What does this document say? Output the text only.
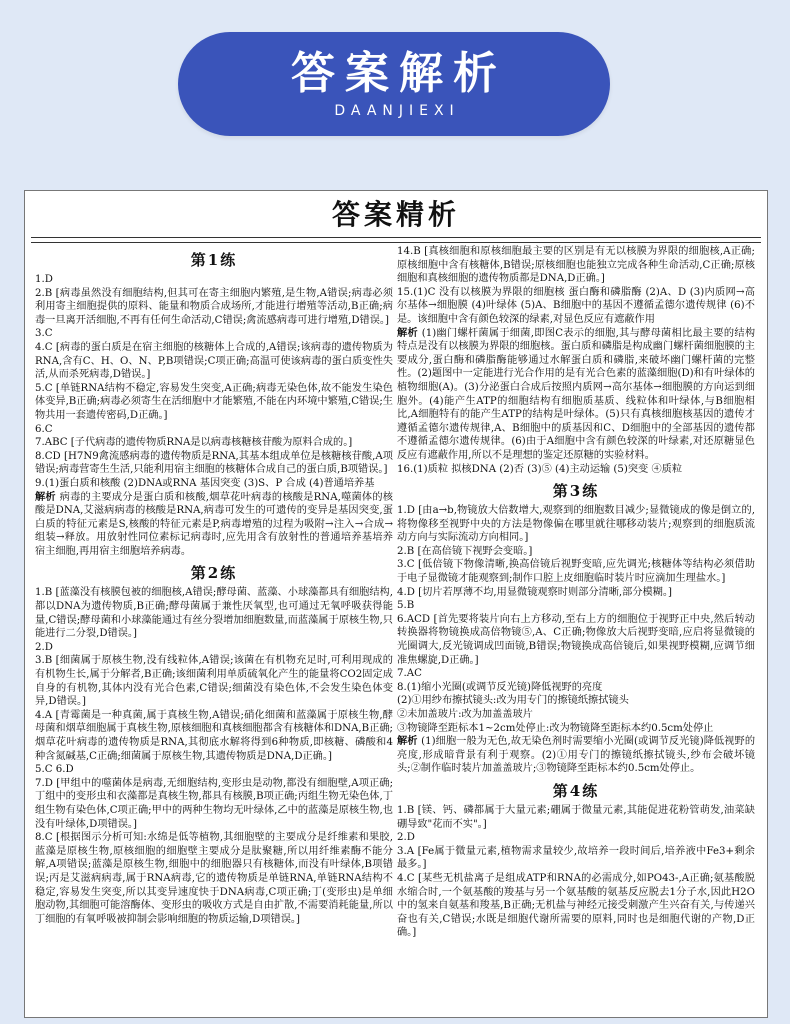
答案解析
DAANJIEXI
答案精析
第1练

1.D

2.B [病毒虽然没有细胞结构,但其可在寄主细胞内繁殖,是生物,A错误;病毒必须利用寄主细胞提供的原料、能量和物质合成场所,才能进行增殖等活动,B正确;病毒一旦离开活细胞,不再有任何生命活动,C错误;禽流感病毒可进行增殖,D错误。]

3.C

4.C [病毒的蛋白质是在宿主细胞的核糖体上合成的,A错误;该病毒的遗传物质为RNA,含有C、H、O、N、P,B项错误;C项正确;高温可使该病毒的蛋白质变性失活,从而杀死病毒,D错误。]

5.C [单链RNA结构不稳定,容易发生突变,A正确;病毒无染色体,故不能发生染色体变异,B正确;病毒必须寄生在活细胞中才能繁殖,不能在内环境中繁殖,C错误;生物共用一套遗传密码,D正确。]

6.C

7.ABC [子代病毒的遗传物质RNA是以病毒核糖核苷酸为原料合成的。]

8.CD [H7N9禽流感病毒的遗传物质是RNA,其基本组成单位是核糖核苷酸,A项错误;病毒营寄生生活,只能利用宿主细胞的核糖体合成自己的蛋白质,B项错误。]

9.(1)蛋白质和核酸 (2)DNA或RNA 基因突变 (3)S、P 合成 (4)普通培养基

解析 病毒的主要成分是蛋白质和核酸,烟草花叶病毒的核酸是RNA,噬菌体的核酸是DNA,艾滋病病毒的核酸是RNA,病毒可发生的可遗传的变异是基因突变,蛋白质的特征元素是S,核酸的特征元素是P,病毒增殖的过程为吸附→注入→合成→组装→释放。用放射性同位素标记病毒时,应先用含有放射性的普通培养基培养宿主细胞,再用宿主细胞培养病毒。

第2练

1.B [蓝藻没有核膜包被的细胞核,A错误;酵母菌、蓝藻、小球藻都具有细胞结构,都以DNA为遗传物质,B正确;酵母菌属于兼性厌氧型,也可通过无氧呼吸获得能量,C错误;酵母菌和小球藻能通过有丝分裂增加细胞数量,而蓝藻属于原核生物,只能进行二分裂,D错误。]

2.D

3.B [细菌属于原核生物,没有线粒体,A错误;该菌在有机物充足时,可利用现成的有机物生长,属于分解者,B正确;该细菌利用单质硫氧化产生的能量将CO2固定成自身的有机物,其体内没有光合色素,C错误;细菌没有染色体,不会发生染色体变异,D错误。]

4.A [青霉菌是一种真菌,属于真核生物,A错误;硝化细菌和蓝藻属于原核生物,酵母菌和烟草细胞属于真核生物,原核细胞和真核细胞都含有核糖体和DNA,B正确;烟草花叶病毒的遗传物质是RNA,其彻底水解将得到6种物质,即核糖、磷酸和4种含氮碱基,C正确;细菌属于原核生物,其遗传物质是DNA,D正确。]

5.C 6.D

7.D [甲组中的噬菌体是病毒,无细胞结构,变形虫是动物,都没有细胞壁,A项正确;丁组中的变形虫和衣藻都是真核生物,都具有核膜,B项正确;丙组生物无染色体,丁组生物有染色体,C项正确;甲中的两种生物均无叶绿体,乙中的蓝藻是原核生物,也没有叶绿体,D项错误。]

8.C [根据图示分析可知:水绵是低等植物,其细胞壁的主要成分是纤维素和果胶,蓝藻是原核生物,原核细胞的细胞壁主要成分是肽聚糖,所以用纤维素酶不能分解,A项错误;蓝藻是原核生物,细胞中的细胞器只有核糖体,而没有叶绿体,B项错误;丙是艾滋病病毒,属于RNA病毒,它的遗传物质是单链RNA,单链RNA结构不稳定,容易发生突变,所以其变异速度快于DNA病毒,C项正确;丁(变形虫)是单细胞动物,其细胞可能溶酶体、变形虫的吸收方式是自由扩散,不需要消耗能量,所以丁细胞的有氧呼吸被抑制会影响细胞的物质运输,D项错误。]

14.B [真核细胞和原核细胞最主要的区别是有无以核膜为界限的细胞核,A正确;原核细胞中含有核糖体,B错误;原核细胞也能独立完成各种生命活动,C正确;原核细胞和真核细胞的遗传物质都是DNA,D正确。]

15.(1)C 没有以核膜为界限的细胞核 蛋白酶和磷脂酶 (2)A、D (3)内质网→高尔基体→细胞膜 (4)叶绿体 (5)A、B细胞中的基因不遵循孟德尔遗传规律 (6)不是。该细胞中含有颜色较深的绿素,对显色反应有遮蔽作用

解析 (1)幽门螺杆菌属于细菌,即图C表示的细胞,其与酵母菌相比最主要的结构特点是没有以核膜为界限的细胞核。蛋白质和磷脂是构成幽门螺杆菌细胞膜的主要成分,蛋白酶和磷脂酶能够通过水解蛋白质和磷脂,来破坏幽门螺杆菌的完整性。(2)题图中一定能进行光合作用的是有光合色素的蓝藻细胞(D)和有叶绿体的植物细胞(A)。(3)分泌蛋白合成后按照内质网→高尔基体→细胞膜的方向运到细胞外。(4)能产生ATP的细胞结构有细胞质基质、线粒体和叶绿体,与B细胞相比,A细胞特有的能产生ATP的结构是叶绿体。(5)只有真核细胞核基因的遗传才遵循孟德尔遗传规律,A、B细胞中的质基因和C、D细胞中的全部基因的遗传都不遵循孟德尔遗传规律。(6)由于A细胞中含有颜色较深的叶绿素,对还原糖显色反应有遮蔽作用,所以不是理想的鉴定还原糖的实验材料。

16.(1)质粒 拟核DNA (2)否 (3)⑤ (4)主动运输 (5)突变 ④质粒

第3练

1.D [由a→b,物镜放大倍数增大,观察到的细胞数目减少;显微镜成的像是倒立的,将物像移至视野中央的方法是物像偏在哪里就往哪移动装片;观察到的细胞质流动方向与实际流动方向相同。]

2.B [在高倍镜下视野会变暗。]

3.C [低倍镜下物像清晰,换高倍镜后视野变暗,应先调光;核糖体等结构必须借助于电子显微镜才能观察到;制作口腔上皮细胞临时装片时应滴加生理盐水。]

4.D [切片若厚薄不均,用显微镜观察时则部分清晰,部分模糊。]

5.B

6.ACD [首先要将装片向右上方移动,至右上方的细胞位于视野正中央,然后转动转换器将物镜换成高倍物镜⑤,A、C正确;物像放大后视野变暗,应启将显微镜的光圈调大,反光镜调成凹面镜,B错误;物镜换成高倍镜后,如果视野模糊,应调节细准焦螺旋,D正确。]

7.AC

8.(1)缩小光圈(或调节反光镜)降低视野的亮度

(2)①用纱布擦拭镜头:改为用专门的擦镜纸擦拭镜头

②未加盖玻片:改为加盖盖玻片

③物镜降至距标本1~2cm处停止:改为物镜降至距标本约0.5cm处停止

解析 (1)细胞一般为无色,故无染色剂时需要缩小光圈(或调节反光镜)降低视野的亮度,形成暗背景有利于观察。(2)①用专门的擦镜纸擦拭镜头,纱布会破坏镜头;②制作临时装片加盖盖玻片;③物镜降至距标本约0.5cm处停止。

第4练

1.B [镁、钙、磷都属于大量元素;硼属于微量元素,其能促进花粉管萌发,油菜缺硼导致"花而不实"。]

2.D

3.A [Fe属于微量元素,植物需求量较少,故培养一段时间后,培养液中Fe3+剩余最多。]

4.C [某些无机盐离子是组成ATP和RNA的必需成分,如PO43-,A正确;氨基酸脱水缩合时,一个氨基酸的羧基与另一个氨基酸的氨基反应脱去1分子水,因此H2O中的氢来自氨基和羧基,B正确;无机盐与神经元接受刺激产生兴奋有关,与传递兴奋也有关,C错误;水既是细胞代谢所需要的原料,同时也是细胞代谢的产物,D正确。]
